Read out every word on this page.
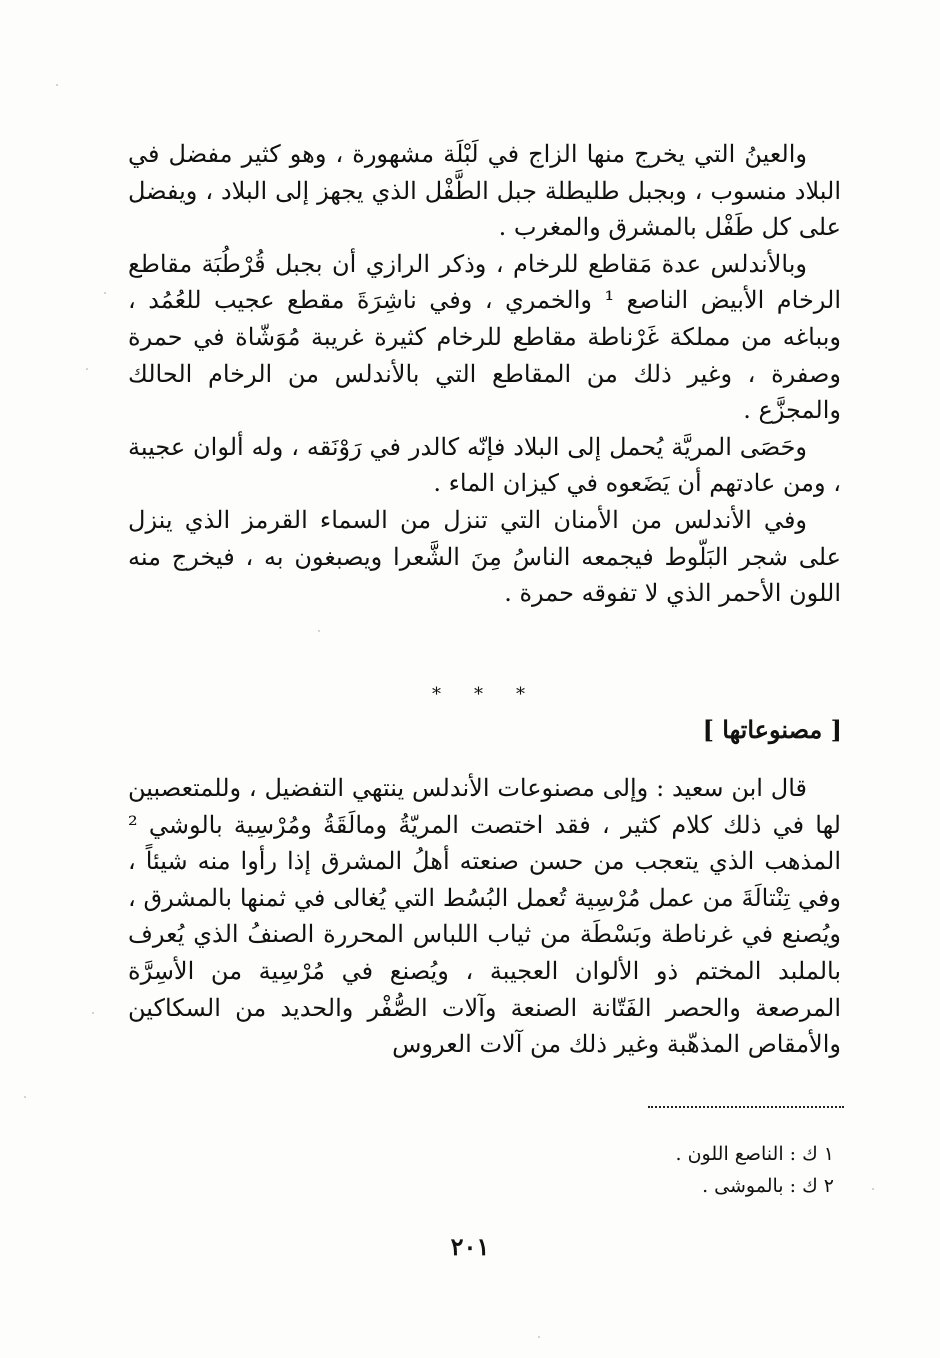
والعينُ التي يخرج منها الزاج في لَبْلَة مشهورة ، وهو كثير مفضل في البلاد منسوب ، وبجبل طليطلة جبل الطَّفْل الذي يجهز إلى البلاد ، ويفضل على كل طَفْل بالمشرق والمغرب .

وبالأندلس عدة مَقاطع للرخام ، وذكر الرازي أن بجبل قُرْطُبَة مقاطع الرخام الأبيض الناصع ¹ والخمري ، وفي ناشِرَةَ مقطع عجيب للعُمُد ، وبباغه من مملكة غَرْناطة مقاطع للرخام كثيرة غريبة مُوَشّاة في حمرة وصفرة ، وغير ذلك من المقاطع التي بالأندلس من الرخام الحالك والمجزَّع .

وحَصَى المريَّة يُحمل إلى البلاد فإنّه كالدر في رَوْنَقه ، وله ألوان عجيبة ، ومن عادتهم أن يَضَعوه في كيزان الماء .

وفي الأندلس من الأمنان التي تنزل من السماء القرمز الذي ينزل على شجر البَلّوط فيجمعه الناسُ مِنَ الشَّعرا ويصبغون به ، فيخرج منه اللون الأحمر الذي لا تفوقه حمرة .

* * *
[ مصنوعاتها ]

قال ابن سعيد : وإلى مصنوعات الأندلس ينتهي التفضيل ، وللمتعصبين لها في ذلك كلام كثير ، فقد اختصت المريّةُ ومالَقَةُ ومُرْسِية بالوشي ² المذهب الذي يتعجب من حسن صنعته أهلُ المشرق إذا رأوا منه شيئاً ، وفي تِنْتالَةَ من عمل مُرْسِية تُعمل البُسُط التي يُغالى في ثمنها بالمشرق ، ويُصنع في غرناطة وبَسْطَة من ثياب اللباس المحررة الصنفُ الذي يُعرف بالملبد المختم ذو الألوان العجيبة ، ويُصنع في مُرْسِية من الأسِرَّة المرصعة والحصر الفَتّانة الصنعة وآلات الصُّفْر والحديد من السكاكين والأمقاص المذهّبة وغير ذلك من آلات العروس

١ ك : الناصع اللون .
٢ ك : بالموشى .
٢٠١
